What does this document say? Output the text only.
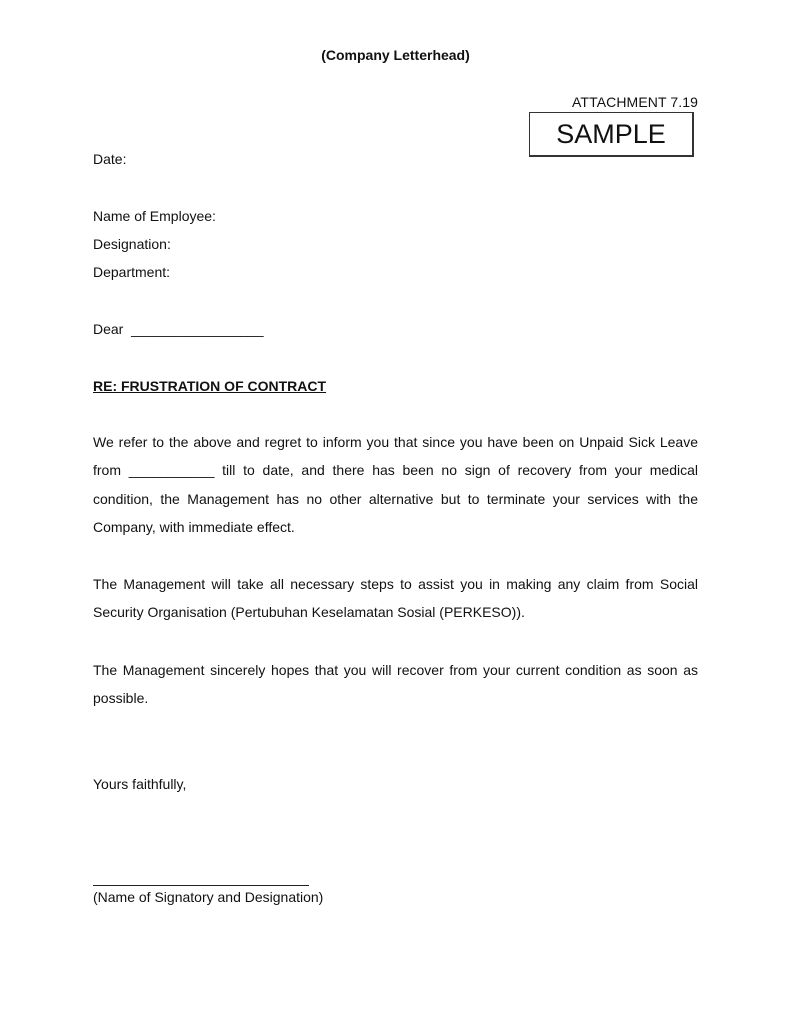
(Company Letterhead)
ATTACHMENT 7.19
SAMPLE
Date:
Name of Employee:
Designation:
Department:
Dear  _________________
RE: FRUSTRATION OF CONTRACT
We refer to the above and regret to inform you that since you have been on Unpaid Sick Leave from ___________ till to date, and there has been no sign of recovery from your medical condition, the Management has no other alternative but to terminate your services with the Company, with immediate effect.
The Management will take all necessary steps to assist you in making any claim from Social Security Organisation (Pertubuhan Keselamatan Sosial (PERKESO)).
The Management sincerely hopes that you will recover from your current condition as soon as possible.
Yours faithfully,
(Name of Signatory and Designation)
